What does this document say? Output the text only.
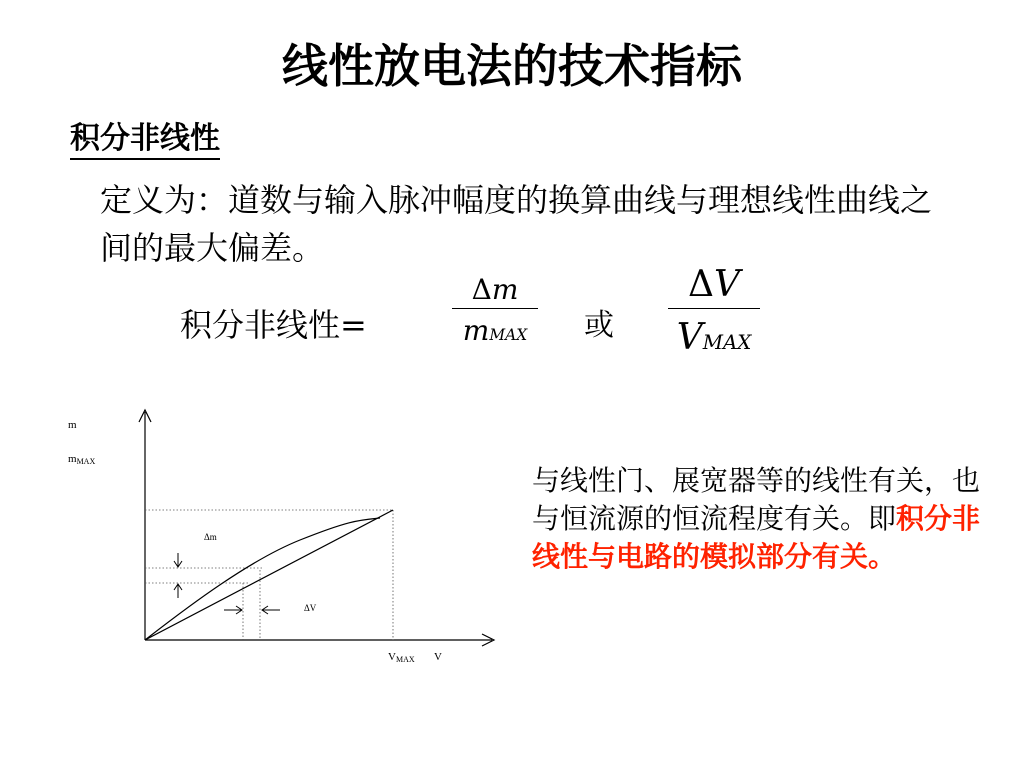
线性放电法的技术指标
积分非线性
定义为：道数与输入脉冲幅度的换算曲线与理想线性曲线之间的最大偏差。
积分非线性=
Δm
mMAX	或
ΔV
VMAX
m
mMAX
Δm
ΔV
VMAX V
与线性门、展宽器等的线性有关，也与恒流源的恒流程度有关。即积分非线性与电路的模拟部分有关。
